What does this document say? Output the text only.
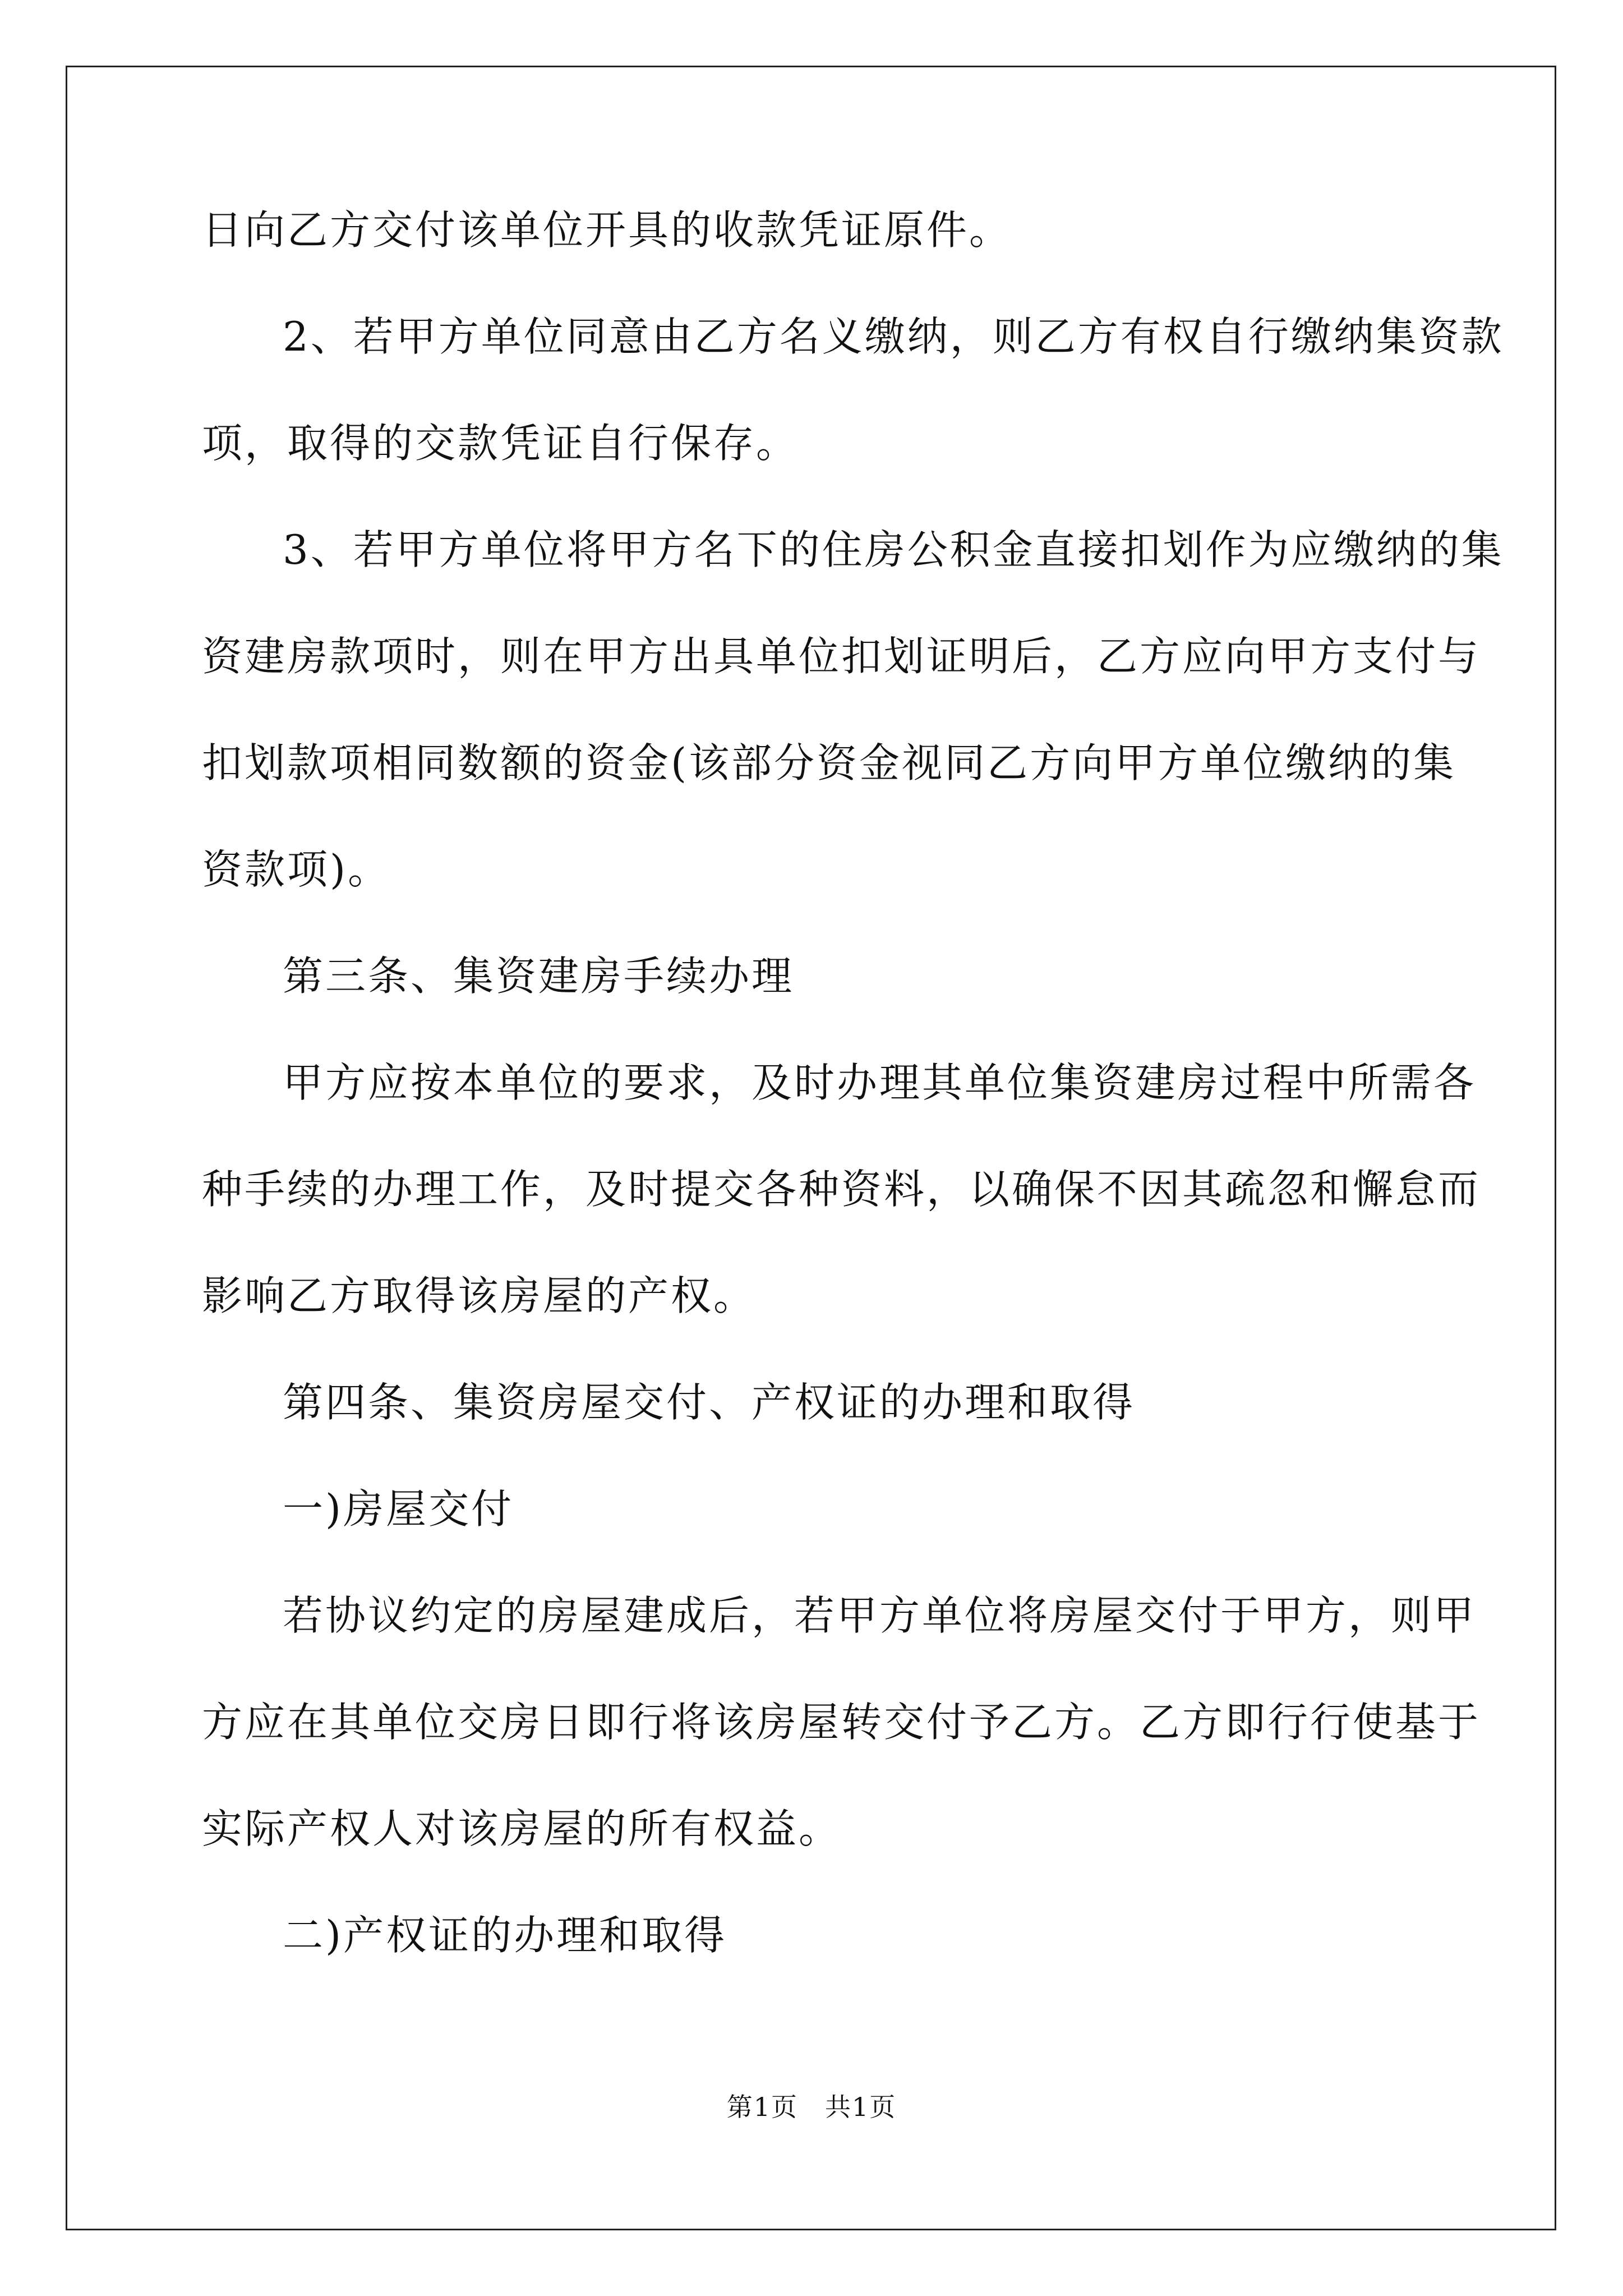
日向乙方交付该单位开具的收款凭证原件。
2、若甲方单位同意由乙方名义缴纳，则乙方有权自行缴纳集资款
项，取得的交款凭证自行保存。
3、若甲方单位将甲方名下的住房公积金直接扣划作为应缴纳的集
资建房款项时，则在甲方出具单位扣划证明后，乙方应向甲方支付与
扣划款项相同数额的资金(该部分资金视同乙方向甲方单位缴纳的集
资款项)。
第三条、集资建房手续办理
甲方应按本单位的要求，及时办理其单位集资建房过程中所需各
种手续的办理工作，及时提交各种资料，以确保不因其疏忽和懈怠而
影响乙方取得该房屋的产权。
第四条、集资房屋交付、产权证的办理和取得
一)房屋交付
若协议约定的房屋建成后，若甲方单位将房屋交付于甲方，则甲
方应在其单位交房日即行将该房屋转交付予乙方。乙方即行行使基于
实际产权人对该房屋的所有权益。
二)产权证的办理和取得
第1页　共1页
